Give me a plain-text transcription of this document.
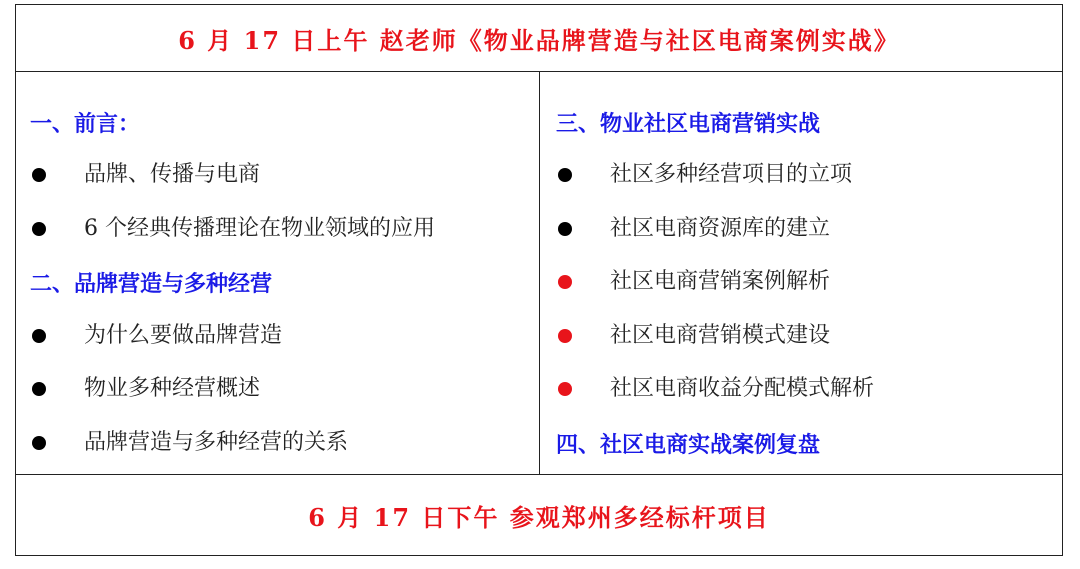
6 月 17 日上午 赵老师《物业品牌营造与社区电商案例实战》
一、前言：
品牌、传播与电商
6 个经典传播理论在物业领域的应用
二、品牌营造与多种经营
为什么要做品牌营造
物业多种经营概述
品牌营造与多种经营的关系
三、物业社区电商营销实战
社区多种经营项目的立项
社区电商资源库的建立
社区电商营销案例解析
社区电商营销模式建设
社区电商收益分配模式解析
四、社区电商实战案例复盘
6 月 17 日下午 参观郑州多经标杆项目
